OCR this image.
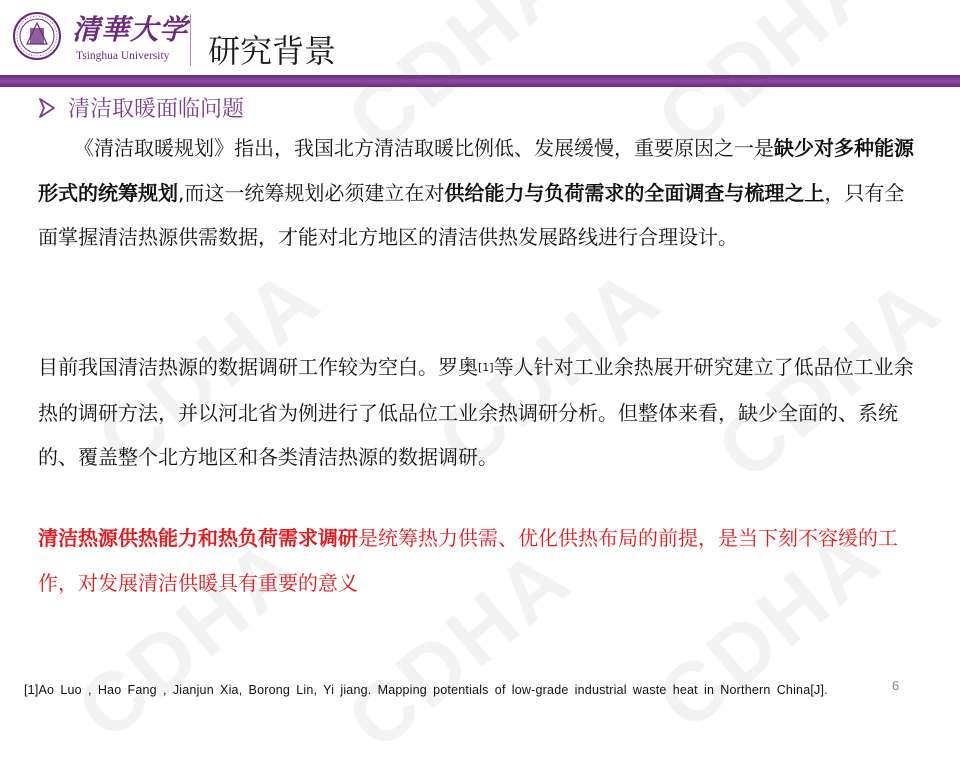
清華大学
Tsinghua University 研究背景
清洁取暖面临问题
《清洁取暖规划》指出，我国北方清洁取暖比例低、发展缓慢，重要原因之一是缺少对多种能源形式的统筹规划,而这一统筹规划必须建立在对供给能力与负荷需求的全面调查与梳理之上，只有全面掌握清洁热源供需数据，才能对北方地区的清洁供热发展路线进行合理设计。
目前我国清洁热源的数据调研工作较为空白。罗奥[1]等人针对工业余热展开研究建立了低品位工业余热的调研方法，并以河北省为例进行了低品位工业余热调研分析。但整体来看，缺少全面的、系统的、覆盖整个北方地区和各类清洁热源的数据调研。
清洁热源供热能力和热负荷需求调研是统筹热力供需、优化供热布局的前提，是当下刻不容缓的工作，对发展清洁供暖具有重要的意义
[1]Ao Luo , Hao Fang , Jianjun Xia, Borong Lin, Yi jiang. Mapping potentials of low-grade industrial waste heat in Northern China[J].	6
